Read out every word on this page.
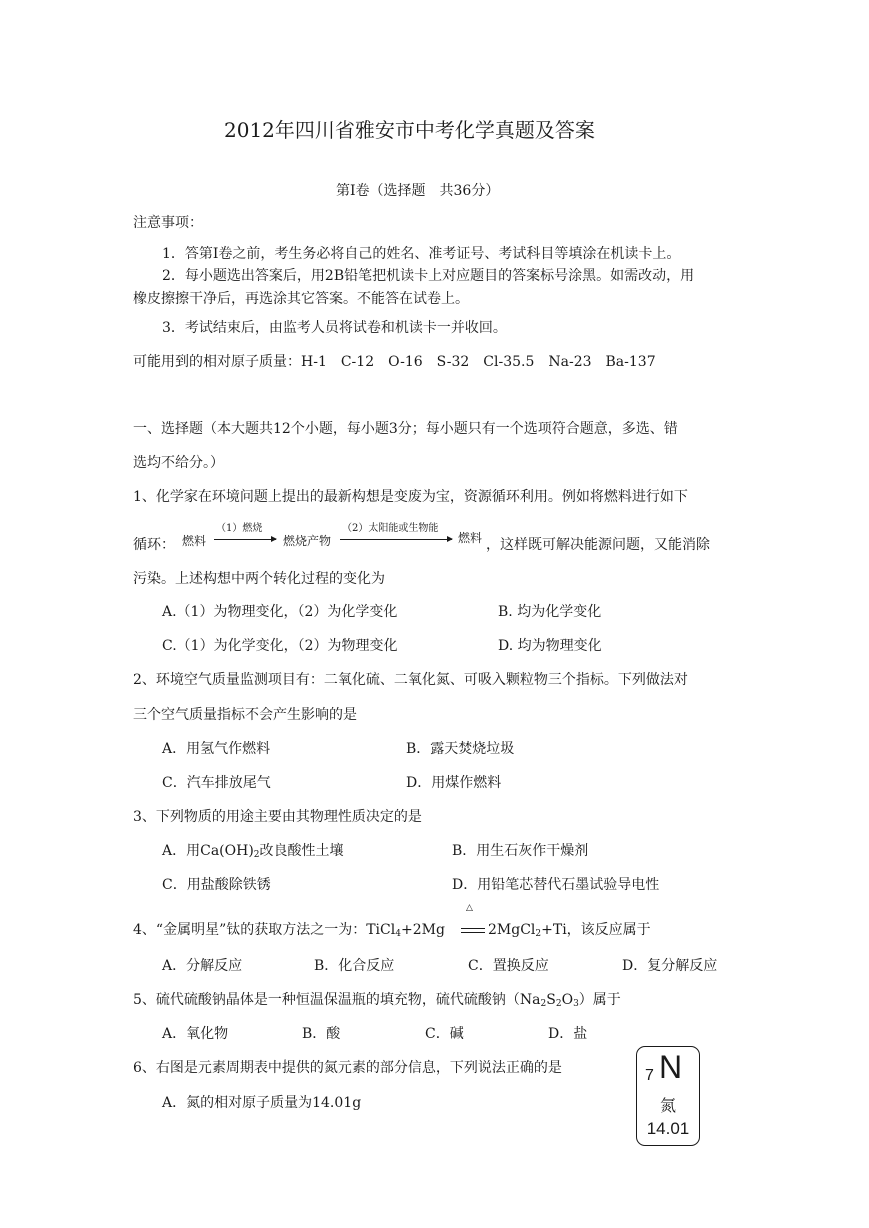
2012年四川省雅安市中考化学真题及答案
第Ⅰ卷（选择题　共36分）
注意事项：
1．答第Ⅰ卷之前，考生务必将自己的姓名、准考证号、考试科目等填涂在机读卡上。
2．每小题选出答案后，用2B铅笔把机读卡上对应题目的答案标号涂黑。如需改动，用
橡皮擦擦干净后，再选涂其它答案。不能答在试卷上。
3．考试结束后，由监考人员将试卷和机读卡一并收回。
可能用到的相对原子质量：H-1　C-12　O-16　S-32　Cl-35.5　Na-23　Ba-137
一、选择题（本大题共12个小题，每小题3分；每小题只有一个选项符合题意，多选、错
选均不给分。）
1、化学家在环境问题上提出的最新构想是变废为宝，资源循环利用。例如将燃料进行如下
循环： 燃料
（1）燃烧
燃烧产物
（2）太阳能或生物能
燃料 ，这样既可解决能源问题，又能消除
污染。上述构想中两个转化过程的变化为
A.（1）为物理变化，（2）为化学变化	B. 均为化学变化
C.（1）为化学变化，（2）为物理变化	D. 均为物理变化
2、环境空气质量监测项目有：二氧化硫、二氧化氮、可吸入颗粒物三个指标。下列做法对
三个空气质量指标不会产生影响的是
A．用氢气作燃料	B．露天焚烧垃圾
C．汽车排放尾气	D．用煤作燃料
3、下列物质的用途主要由其物理性质决定的是
A．用$Ca(OH)_2$改良酸性土壤	B．用生石灰作干燥剂
C．用盐酸除铁锈	D．用铅笔芯替代石墨试验导电性
4、“金属明星”钛的获取方法之一为：TiCl$_4$+2Mg
△
2MgCl$_2$+Ti，该反应属于
A．分解反应	B．化合反应	C．置换反应	D．复分解反应
5、硫代硫酸钠晶体是一种恒温保温瓶的填充物，硫代硫酸钠$(Na_2S_2O_3)$属于
A．氧化物	B．酸	C．碱	D．盐
6、右图是元素周期表中提供的氮元素的部分信息，下列说法正确的是
A．氮的相对原子质量为14.01g
7 N
氮
14.01
